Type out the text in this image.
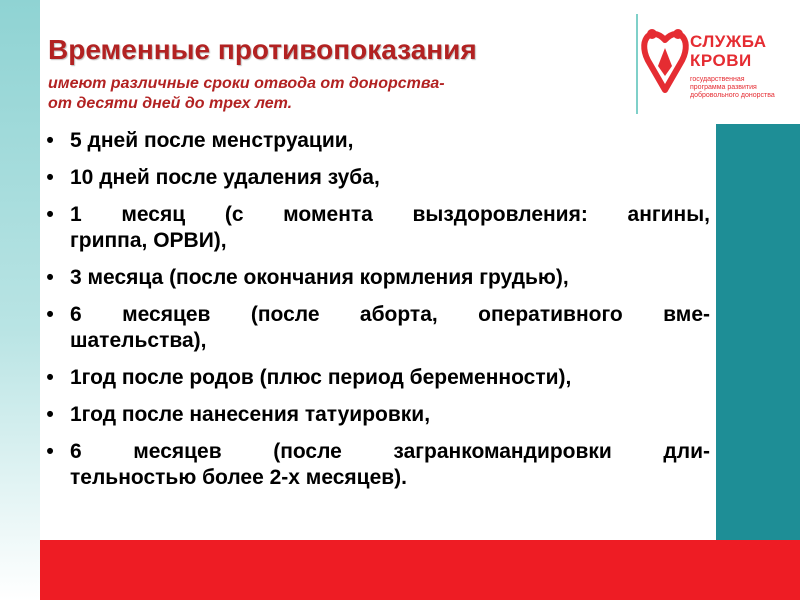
Временные противопоказания

имеют различные сроки отвода от донорства-
от десяти дней до трех лет.

СЛУЖБА
КРОВИ
государственная
программа развития
добровольного донорства
• 5 дней после менструации,
• 10 дней после удаления зуба,
• 1 месяц (с момента выздоровления: ангины,
гриппа, ОРВИ),
• 3 месяца (после окончания кормления грудью),
• 6 месяцев (после аборта, оперативного вме-
шательства),
• 1год после родов (плюс период беременности),
• 1год после нанесения татуировки,
• 6 месяцев (после загранкомандировки дли-
тельностью более 2-х месяцев).
